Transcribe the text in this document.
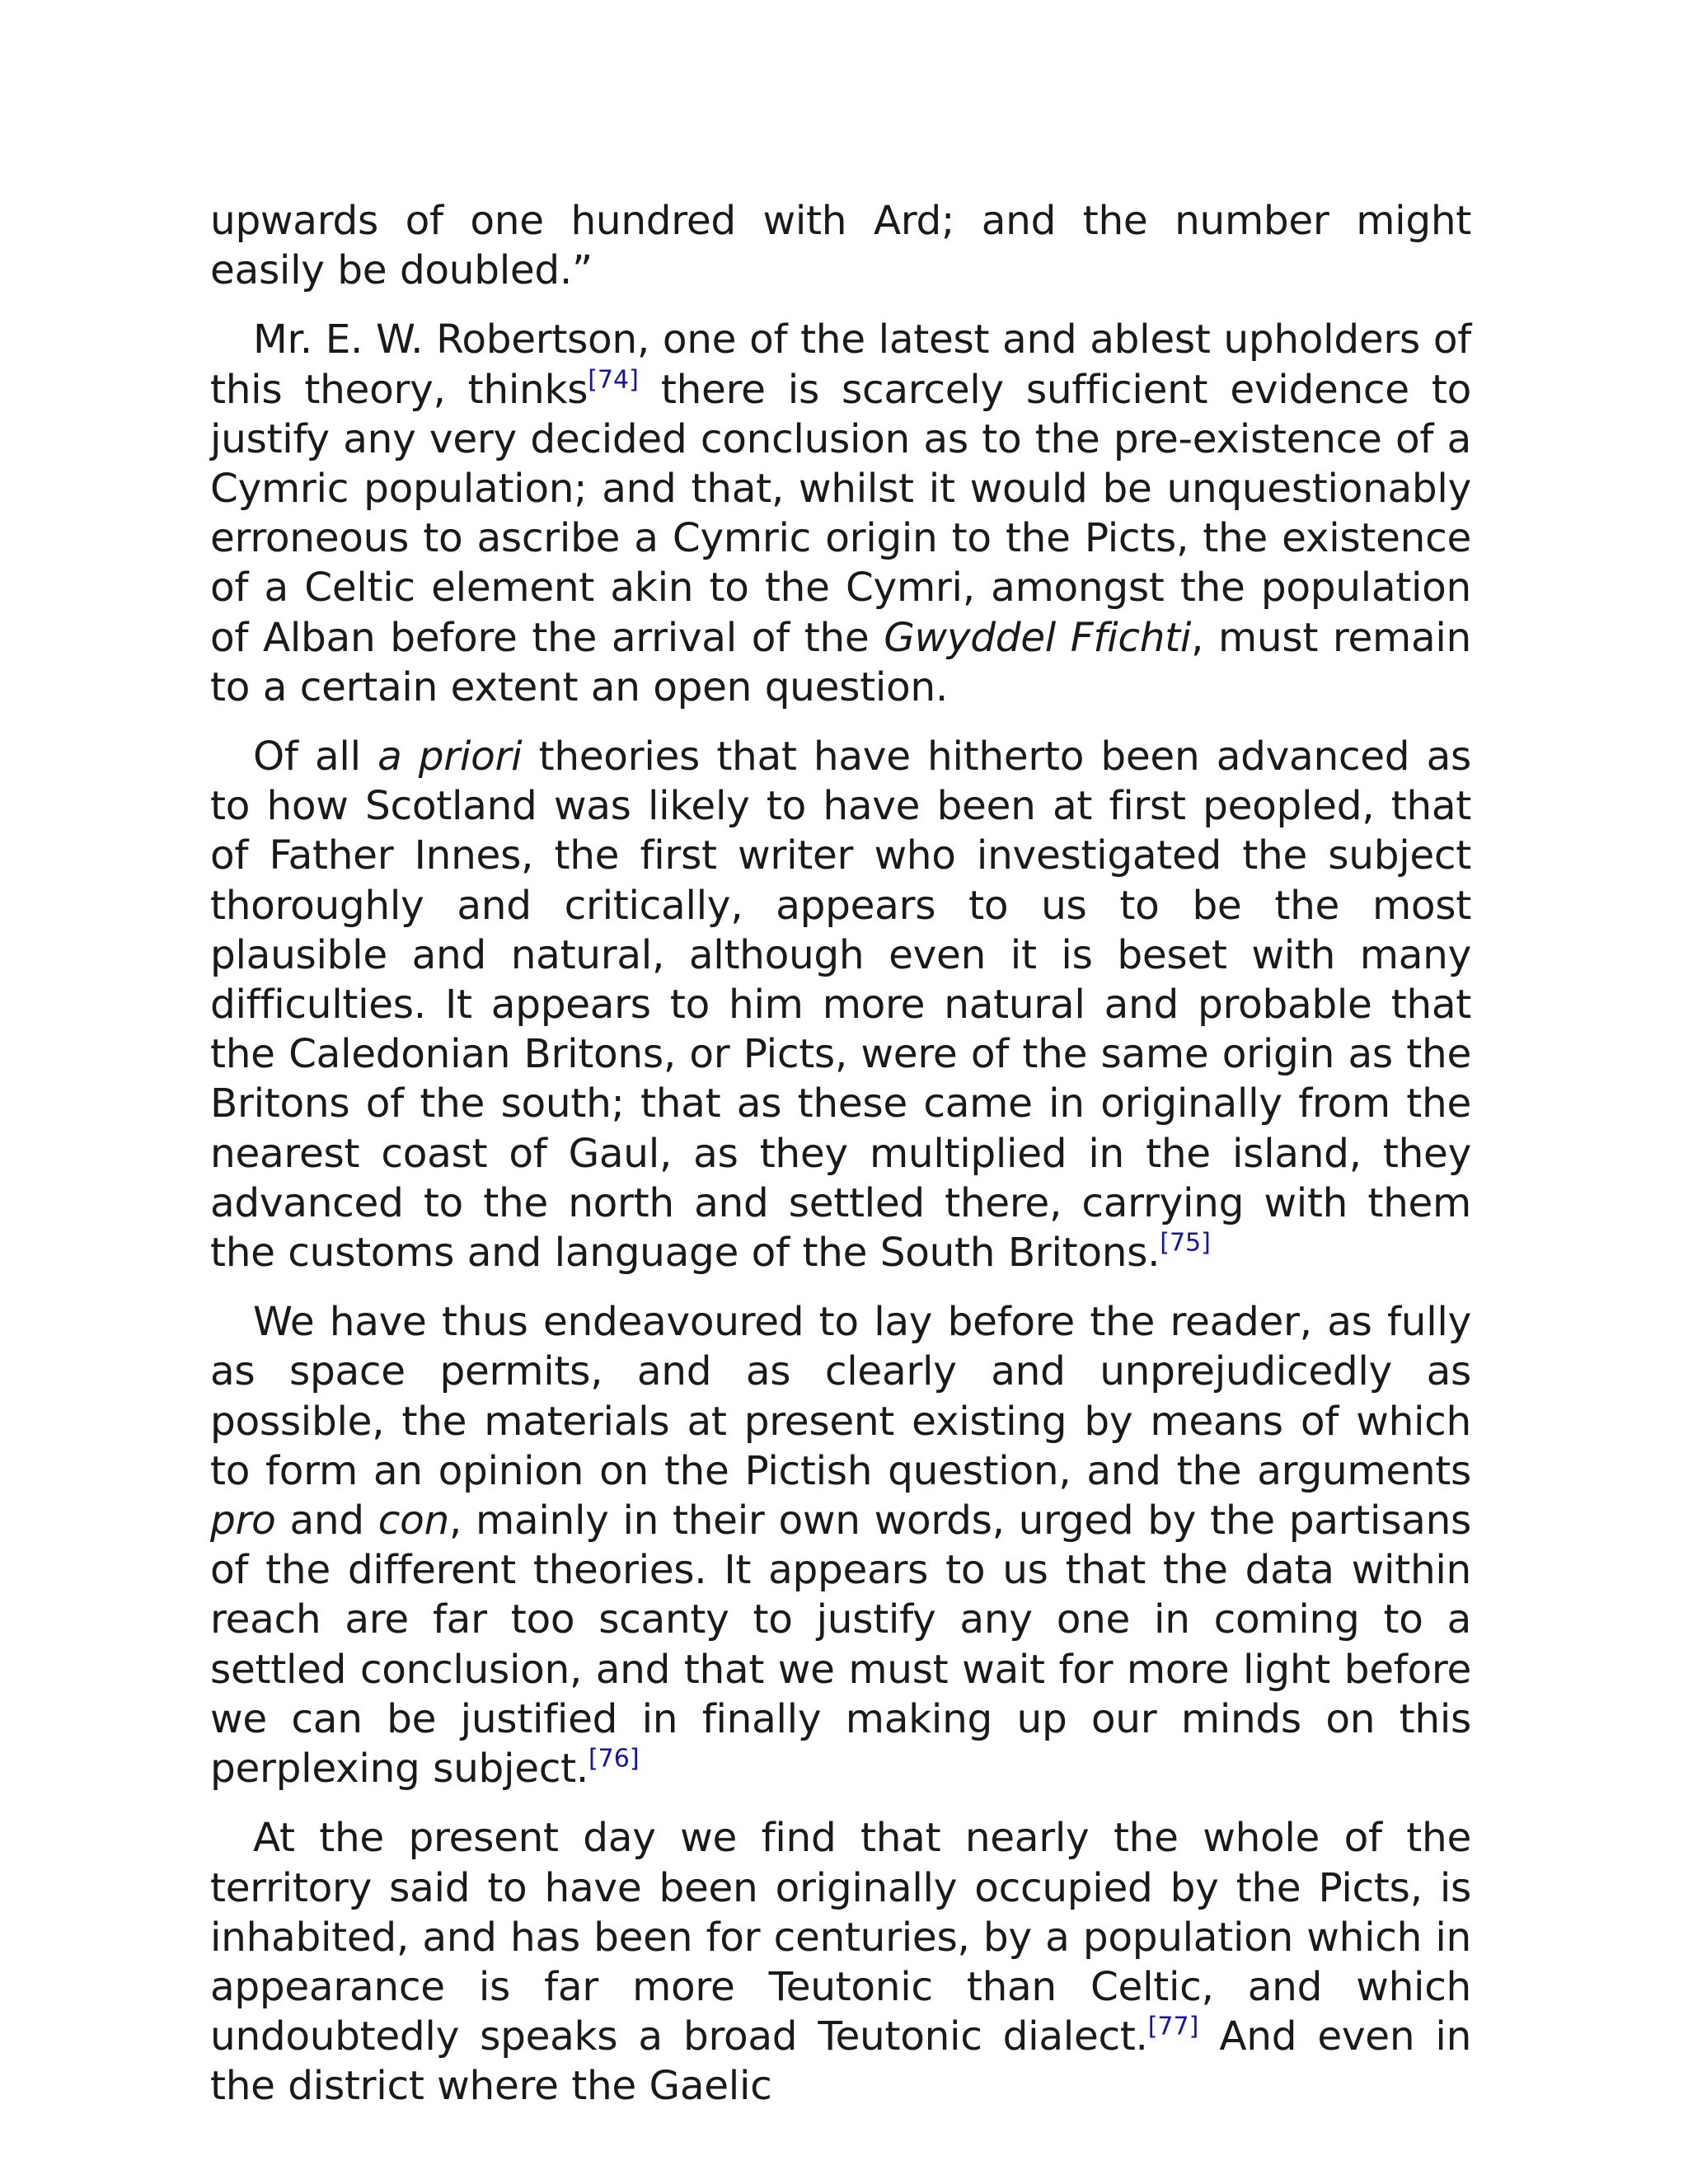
upwards of one hundred with Ard; and the number might easily be doubled.”

Mr. E. W. Robertson, one of the latest and ablest upholders of this theory, thinks[74] there is scarcely sufficient evidence to justify any very decided conclusion as to the pre-existence of a Cymric population; and that, whilst it would be unquestionably erroneous to ascribe a Cymric origin to the Picts, the existence of a Celtic element akin to the Cymri, amongst the population of Alban before the arrival of the Gwyddel Ffichti, must remain to a certain extent an open question.

Of all a priori theories that have hitherto been advanced as to how Scotland was likely to have been at first peopled, that of Father Innes, the first writer who investigated the subject thoroughly and critically, appears to us to be the most plausible and natural, although even it is beset with many difficulties. It appears to him more natural and probable that the Caledonian Britons, or Picts, were of the same origin as the Britons of the south; that as these came in originally from the nearest coast of Gaul, as they multiplied in the island, they advanced to the north and settled there, carrying with them the customs and language of the South Britons.[75]

We have thus endeavoured to lay before the reader, as fully as space permits, and as clearly and unprejudicedly as possible, the materials at present existing by means of which to form an opinion on the Pictish question, and the arguments pro and con, mainly in their own words, urged by the partisans of the different theories. It appears to us that the data within reach are far too scanty to justify any one in coming to a settled conclusion, and that we must wait for more light before we can be justified in finally making up our minds on this perplexing subject.[76]

At the present day we find that nearly the whole of the territory said to have been originally occupied by the Picts, is inhabited, and has been for centuries, by a population which in appearance is far more Teutonic than Celtic, and which undoubtedly speaks a broad Teutonic dialect.[77] And even in the district where the Gaelic
